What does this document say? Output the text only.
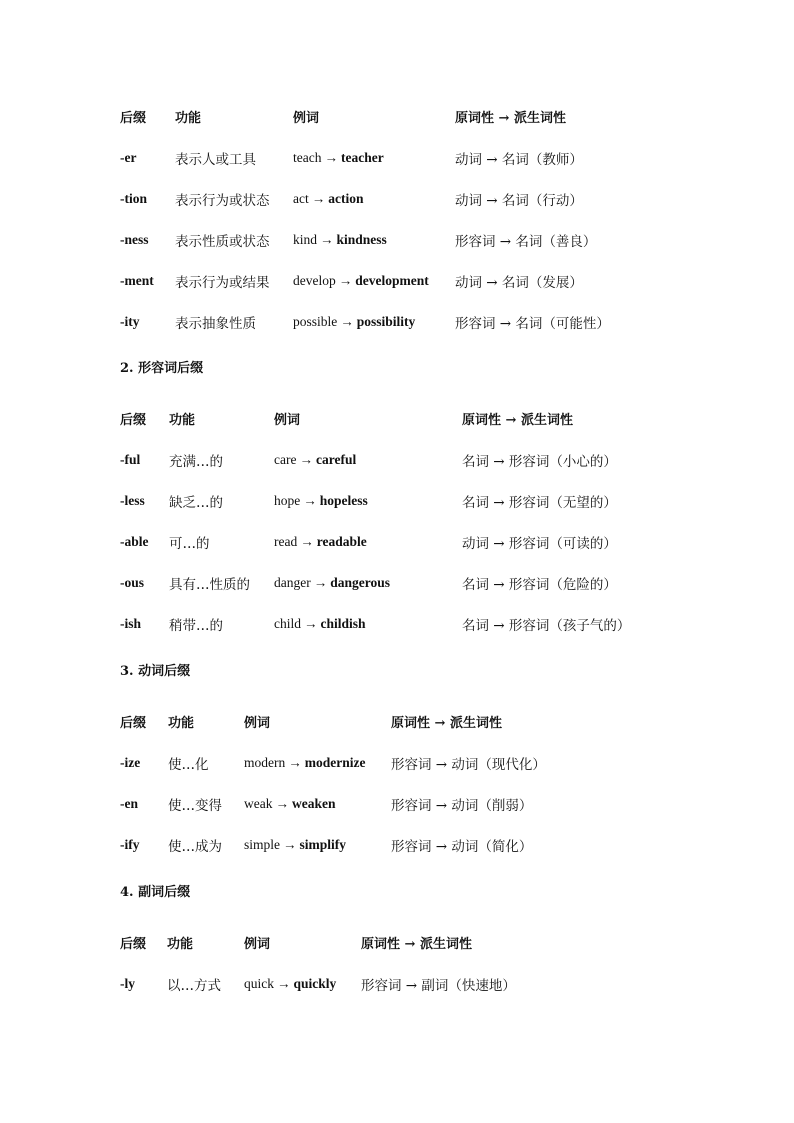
后缀	功能	例词	原词性 → 派生词性
-er	表示人或工具	teach → teacher	动词 → 名词（教师）
-tion	表示行为或状态	act → action	动词 → 名词（行动）
-ness	表示性质或状态	kind → kindness	形容词 → 名词（善良）
-ment	表示行为或结果	develop → development	动词 → 名词（发展）
-ity	表示抽象性质	possible → possibility	形容词 → 名词（可能性）
2. 形容词后缀
后缀	功能	例词	原词性 → 派生词性
-ful	充满…的	care → careful	名词 → 形容词（小心的）
-less	缺乏…的	hope → hopeless	名词 → 形容词（无望的）
-able	可…的	read → readable	动词 → 形容词（可读的）
-ous	具有…性质的	danger → dangerous	名词 → 形容词（危险的）
-ish	稍带…的	child → childish	名词 → 形容词（孩子气的）
3. 动词后缀
后缀	功能	例词	原词性 → 派生词性
-ize	使…化	modern → modernize	形容词 → 动词（现代化）
-en	使…变得	weak → weaken	形容词 → 动词（削弱）
-ify	使…成为	simple → simplify	形容词 → 动词（简化）
4. 副词后缀
后缀	功能	例词	原词性 → 派生词性
-ly	以…方式	quick → quickly	形容词 → 副词（快速地）
